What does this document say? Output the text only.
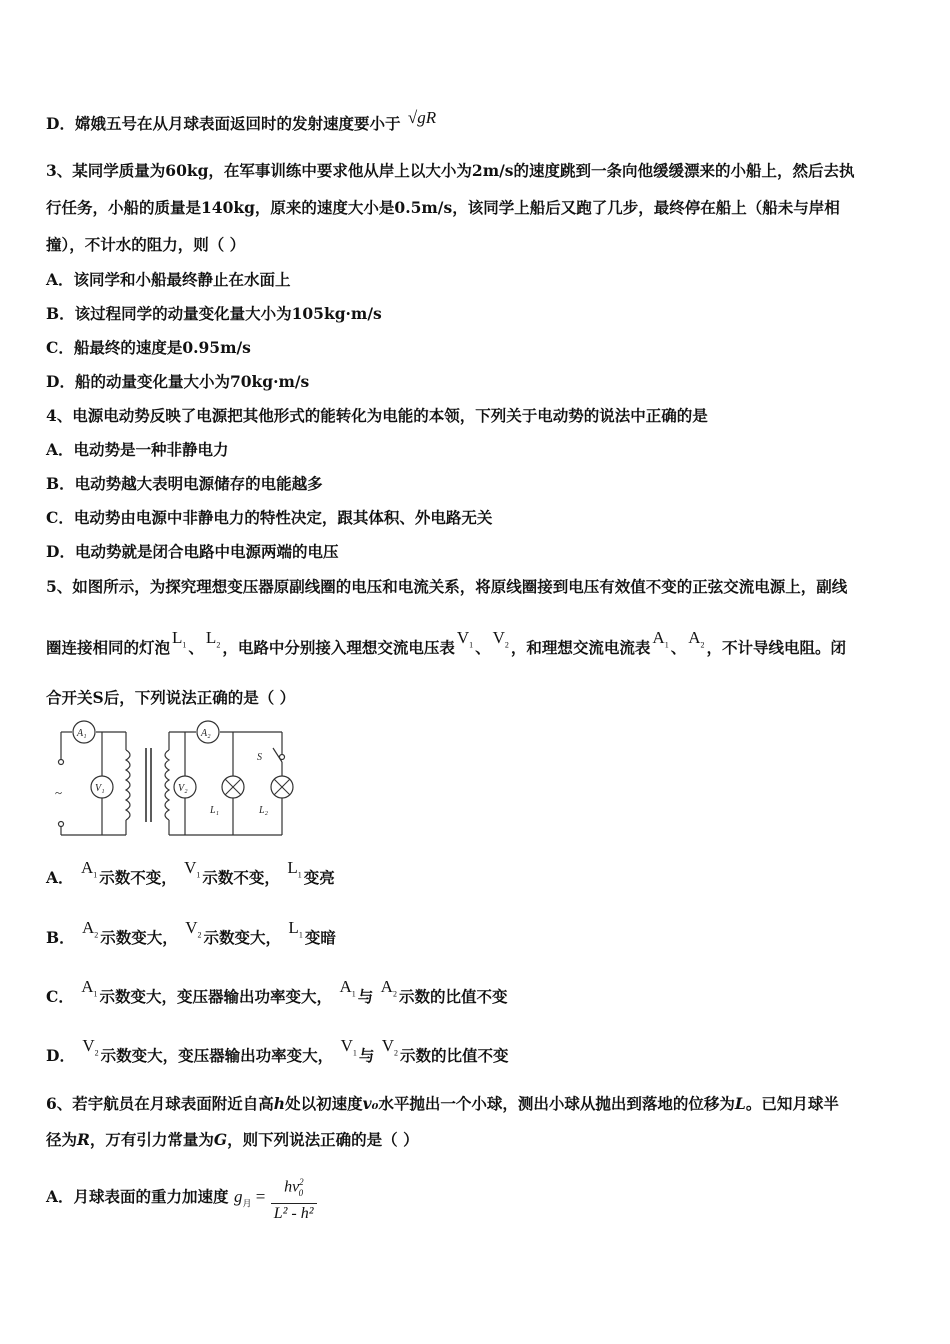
D．嫦娥五号在从月球表面返回时的发射速度要小于 √gR
3、某同学质量为60kg，在军事训练中要求他从岸上以大小为2m/s的速度跳到一条向他缓缓漂来的小船上，然后去执
行任务，小船的质量是140kg，原来的速度大小是0.5m/s，该同学上船后又跑了几步，最终停在船上（船未与岸相
撞），不计水的阻力，则（ ）
A．该同学和小船最终静止在水面上
B．该过程同学的动量变化量大小为105kg·m/s
C．船最终的速度是0.95m/s
D．船的动量变化量大小为70kg·m/s
4、电源电动势反映了电源把其他形式的能转化为电能的本领，下列关于电动势的说法中正确的是
A．电动势是一种非静电力
B．电动势越大表明电源储存的电能越多
C．电动势由电源中非静电力的特性决定，跟其体积、外电路无关
D．电动势就是闭合电路中电源两端的电压
5、如图所示，为探究理想变压器原副线圈的电压和电流关系，将原线圈接到电压有效值不变的正弦交流电源上，副线
圈连接相同的灯泡$L_1$ 、$L_2$ ，电路中分别接入理想交流电压表$V_1$ 、$V_2$ ，和理想交流电流表$A_1$ 、$A_2$ ，不计导线电阻。闭
合开关S后，下列说法正确的是（ ）
A₁
V₁
A₂
V₂
S
L₁	L₂
~
A． $A_1$ 示数不变， $V_1$ 示数不变， $L_1$ 变亮
B． $A_2$ 示数变大， $V_2$ 示数变大， $L_1$ 变暗
C． $A_1$ 示数变大，变压器输出功率变大， $A_1$ 与 $A_2$ 示数的比值不变
D． $V_2$ 示数变大，变压器输出功率变大， $V_1$ 与 $V_2$ 示数的比值不变
6、若宇航员在月球表面附近自高h处以初速度v₀水平抛出一个小球，测出小球从抛出到落地的位移为L。已知月球半
径为R，万有引力常量为G，则下列说法正确的是（ ）
A．月球表面的重力加速度 $g_月 = \frac{hv^2_0}{\text{L² - h²}}$
